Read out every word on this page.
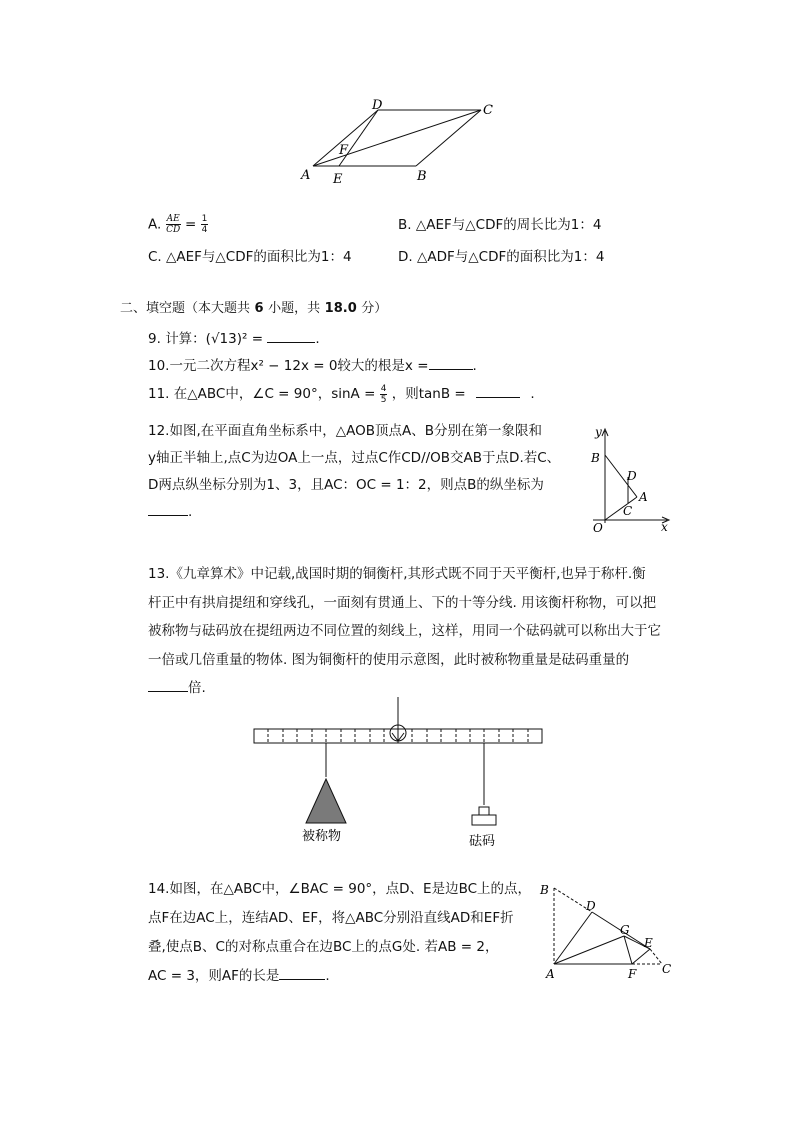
D	C
F
A E	B
A. $\frac{AE}{CD} = \frac{1}{4}$	B. △AEF与△CDF的周长比为1：4
C. △AEF与△CDF的面积比为1：4	D. △ADF与△CDF的面积比为1：4
二、填空题（本大题共 6 小题，共 18.0 分）
9. 计算：(√13)² =	.
10.一元二次方程x² − 12x = 0较大的根是x =	.
11. 在△ABC中，∠C = 90°，$\sin A = \frac{4}{5}$ ，则tanB =	.
12.如图,在平面直角坐标系中，△AOB顶点A、B分别在第一象限和
y轴正半轴上,点C为边OA上一点，过点C作CD//OB交AB于点D.若C、
D两点纵坐标分别为1、3，且AC：OC = 1：2，则点B的纵坐标为
.
y
x
B
D
A
C
O
13.《九章算术》中记载,战国时期的铜衡杆,其形式既不同于天平衡杆,也异于称杆.衡
杆正中有拱肩提纽和穿线孔，一面刻有贯通上、下的十等分线. 用该衡杆称物，可以把
被称物与砝码放在提纽两边不同位置的刻线上，这样，用同一个砝码就可以称出大于它
一倍或几倍重量的物体. 图为铜衡杆的使用示意图，此时被称物重量是砝码重量的
倍.
被称物	砝码
14.如图，在△ABC中，∠BAC = 90°，点D、E是边BC上的点，
点F在边AC上，连结AD、EF，将△ABC分别沿直线AD和EF折
叠,使点B、C的对称点重合在边BC上的点G处. 若AB = 2，
AC = 3，则AF的长是	.
B
D
G
E
A	F C
